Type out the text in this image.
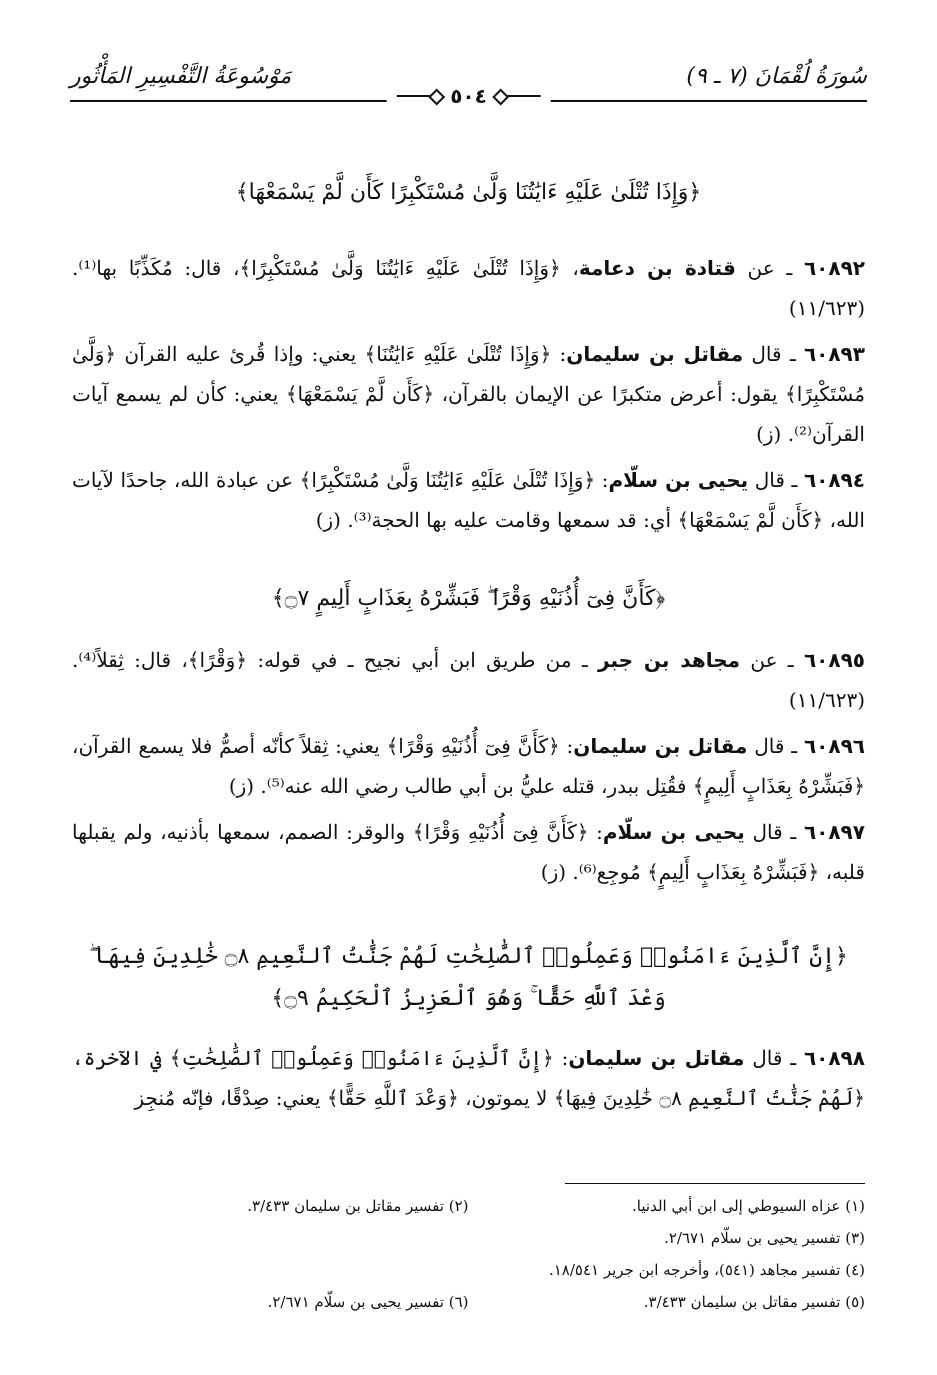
سُورَةُ لُقْمَانَ (٧ ـ ٩)
مَوْسُوعَةُ التَّفْسِيرِ المَأْثُور
٥٠٤
﴿وَإِذَا تُتْلَىٰ عَلَيْهِ ءَايَٰتُنَا وَلَّىٰ مُسْتَكْبِرًا كَأَن لَّمْ يَسْمَعْهَا﴾

٦٠٨٩٢ ـ عن قتادة بن دعامة، ﴿وَإِذَا تُتْلَىٰ عَلَيْهِ ءَايَٰتُنَا وَلَّىٰ مُسْتَكْبِرًا﴾، قال: مُكَذِّبًا بها⁽¹⁾. (١١/٦٢٣)

٦٠٨٩٣ ـ قال مقاتل بن سليمان: ﴿وَإِذَا تُتْلَىٰ عَلَيْهِ ءَايَٰتُنَا﴾ يعني: وإذا قُرئ عليه القرآن ﴿وَلَّىٰ مُسْتَكْبِرًا﴾ يقول: أعرض متكبرًا عن الإيمان بالقرآن، ﴿كَأَن لَّمْ يَسْمَعْهَا﴾ يعني: كأن لم يسمع آيات القرآن⁽²⁾. (ز)

٦٠٨٩٤ ـ قال يحيى بن سلّام: ﴿وَإِذَا تُتْلَىٰ عَلَيْهِ ءَايَٰتُنَا وَلَّىٰ مُسْتَكْبِرًا﴾ عن عبادة الله، جاحدًا لآيات الله، ﴿كَأَن لَّمْ يَسْمَعْهَا﴾ أي: قد سمعها وقامت عليه بها الحجة⁽³⁾. (ز)

﴿كَأَنَّ فِىٓ أُذُنَيْهِ وَقْرًا ۖ فَبَشِّرْهُ بِعَذَابٍ أَلِيمٍ ۝٧﴾

٦٠٨٩٥ ـ عن مجاهد بن جبر ـ من طريق ابن أبي نجيح ـ في قوله: ﴿وَقْرًا﴾، قال: ثِقلاً⁽⁴⁾. (١١/٦٢٣)

٦٠٨٩٦ ـ قال مقاتل بن سليمان: ﴿كَأَنَّ فِىٓ أُذُنَيْهِ وَقْرًا﴾ يعني: ثِقلاً كأنّه أصمُّ فلا يسمع القرآن، ﴿فَبَشِّرْهُ بِعَذَابٍ أَلِيمٍ﴾ فقُتِل ببدر، قتله عليُّ بن أبي طالب رضي الله عنه⁽⁵⁾. (ز)

٦٠٨٩٧ ـ قال يحيى بن سلّام: ﴿كَأَنَّ فِىٓ أُذُنَيْهِ وَقْرًا﴾ والوقر: الصمم، سمعها بأذنيه، ولم يقبلها قلبه، ﴿فَبَشِّرْهُ بِعَذَابٍ أَلِيمٍ﴾ مُوجِع⁽⁶⁾. (ز)

﴿إِنَّ ٱلَّذِينَ ءَامَنُوا۟ وَعَمِلُوا۟ ٱلصَّٰلِحَٰتِ لَهُمْ جَنَّٰتُ ٱلنَّعِيمِ ۝٨ خَٰلِدِينَ فِيهَا ۖ وَعْدَ ٱللَّهِ حَقًّا ۚ وَهُوَ ٱلْعَزِيزُ ٱلْحَكِيمُ ۝٩﴾

٦٠٨٩٨ ـ قال مقاتل بن سليمان: ﴿إِنَّ ٱلَّذِينَ ءَامَنُوا۟ وَعَمِلُوا۟ ٱلصَّٰلِحَٰتِ﴾ في الآخرة، ﴿لَهُمْ جَنَّٰتُ ٱلنَّعِيمِ ۝٨ خَٰلِدِينَ فِيهَا﴾ لا يموتون، ﴿وَعْدَ ٱللَّهِ حَقًّا﴾ يعني: صِدْقًا، فإنّه مُنجِز

(١) عزاه السيوطي إلى ابن أبي الدنيا.
(٢) تفسير مقاتل بن سليمان ٣/٤٣٣.
(٣) تفسير يحيى بن سلّام ٢/٦٧١.
(٤) تفسير مجاهد (٥٤١)، وأخرجه ابن جرير ١٨/٥٤١.
(٥) تفسير مقاتل بن سليمان ٣/٤٣٣.
(٦) تفسير يحيى بن سلّام ٢/٦٧١.
